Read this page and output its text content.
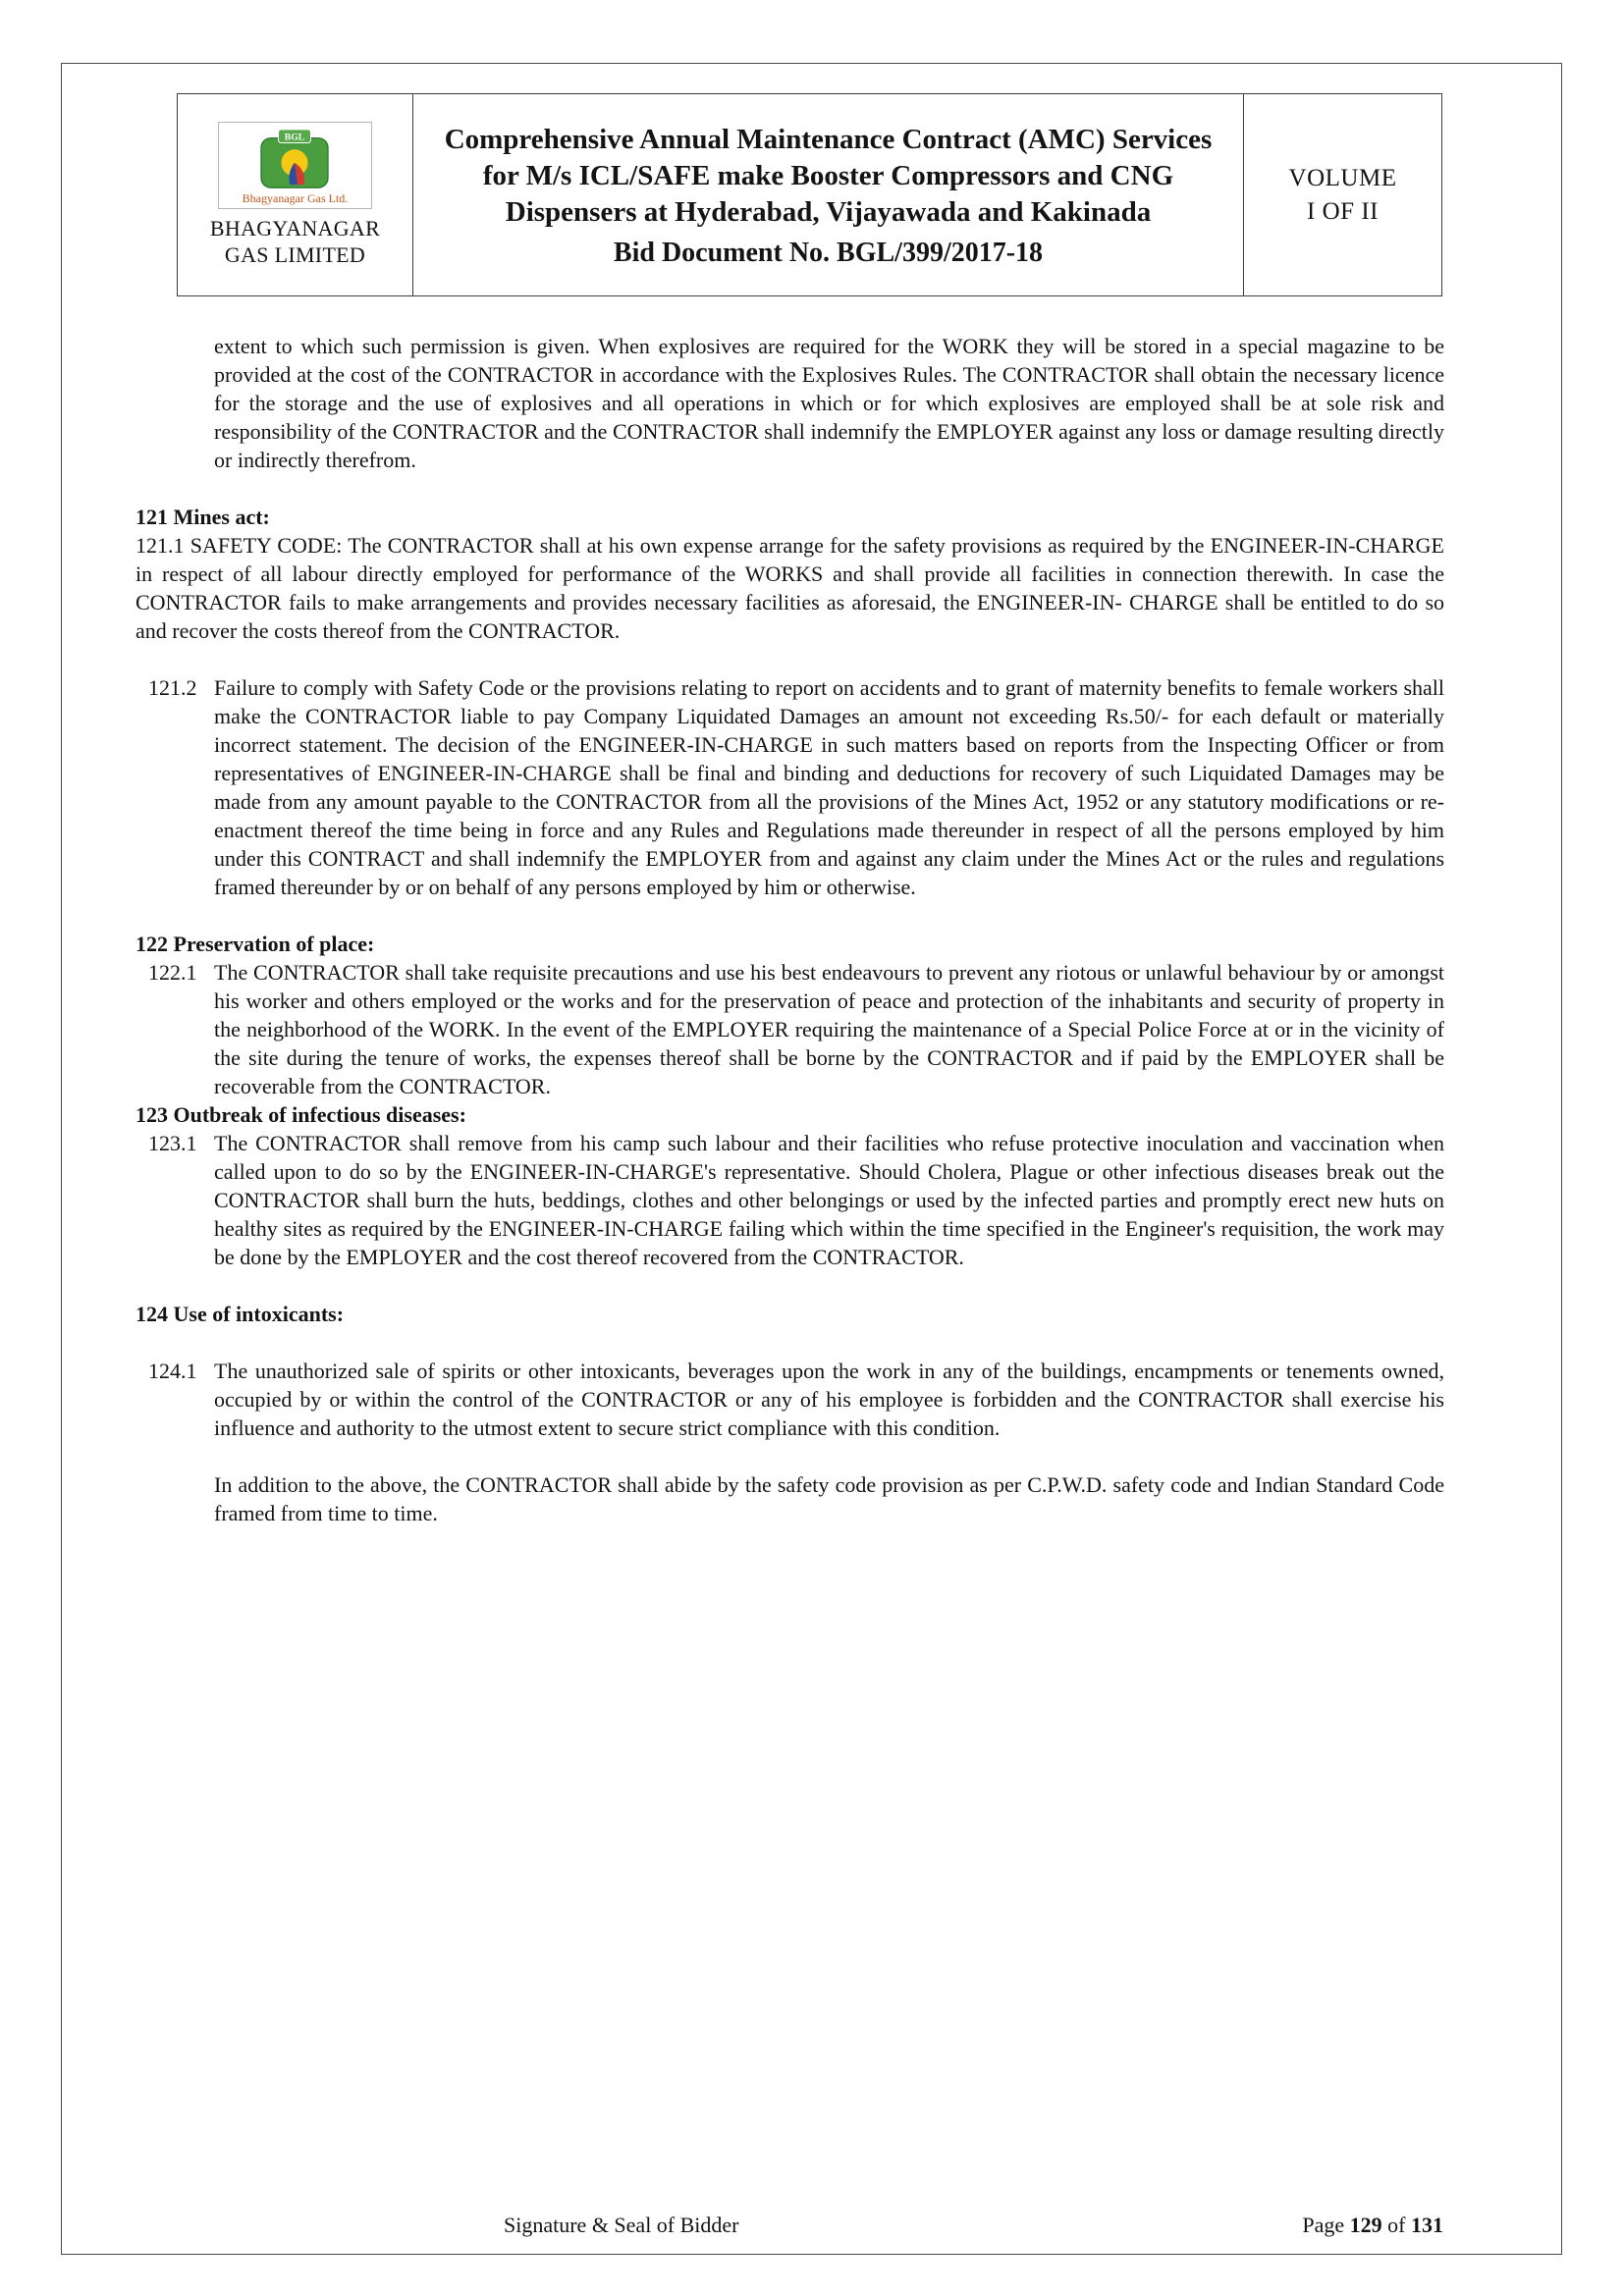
BGL
Bhagyanagar Gas Ltd.
BHAGYANAGAR
GAS LIMITED

Comprehensive Annual Maintenance Contract (AMC) Services for M/s ICL/SAFE make Booster Compressors and CNG Dispensers at Hyderabad, Vijayawada and Kakinada
Bid Document No. BGL/399/2017-18

VOLUME
I OF II

extent to which such permission is given. When explosives are required for the WORK they will be stored in a special magazine to be provided at the cost of the CONTRACTOR in accordance with the Explosives Rules. The CONTRACTOR shall obtain the necessary licence for the storage and the use of explosives and all operations in which or for which explosives are employed shall be at sole risk and responsibility of the CONTRACTOR and the CONTRACTOR shall indemnify the EMPLOYER against any loss or damage resulting directly or indirectly therefrom.

121 Mines act:

121.1 SAFETY CODE: The CONTRACTOR shall at his own expense arrange for the safety provisions as required by the ENGINEER-IN-CHARGE in respect of all labour directly employed for performance of the WORKS and shall provide all facilities in connection therewith. In case the CONTRACTOR fails to make arrangements and provides necessary facilities as aforesaid, the ENGINEER-IN- CHARGE shall be entitled to do so and recover the costs thereof from the CONTRACTOR.

121.2 Failure to comply with Safety Code or the provisions relating to report on accidents and to grant of maternity benefits to female workers shall make the CONTRACTOR liable to pay Company Liquidated Damages an amount not exceeding Rs.50/- for each default or materially incorrect statement. The decision of the ENGINEER-IN-CHARGE in such matters based on reports from the Inspecting Officer or from representatives of ENGINEER-IN-CHARGE shall be final and binding and deductions for recovery of such Liquidated Damages may be made from any amount payable to the CONTRACTOR from all the provisions of the Mines Act, 1952 or any statutory modifications or re-enactment thereof the time being in force and any Rules and Regulations made thereunder in respect of all the persons employed by him under this CONTRACT and shall indemnify the EMPLOYER from and against any claim under the Mines Act or the rules and regulations framed thereunder by or on behalf of any persons employed by him or otherwise.
122 Preservation of place:
122.1 The CONTRACTOR shall take requisite precautions and use his best endeavours to prevent any riotous or unlawful behaviour by or amongst his worker and others employed or the works and for the preservation of peace and protection of the inhabitants and security of property in the neighborhood of the WORK. In the event of the EMPLOYER requiring the maintenance of a Special Police Force at or in the vicinity of the site during the tenure of works, the expenses thereof shall be borne by the CONTRACTOR and if paid by the EMPLOYER shall be recoverable from the CONTRACTOR.
123 Outbreak of infectious diseases:
123.1 The CONTRACTOR shall remove from his camp such labour and their facilities who refuse protective inoculation and vaccination when called upon to do so by the ENGINEER-IN-CHARGE's representative. Should Cholera, Plague or other infectious diseases break out the CONTRACTOR shall burn the huts, beddings, clothes and other belongings or used by the infected parties and promptly erect new huts on healthy sites as required by the ENGINEER-IN-CHARGE failing which within the time specified in the Engineer's requisition, the work may be done by the EMPLOYER and the cost thereof recovered from the CONTRACTOR.
124 Use of intoxicants:
124.1 The unauthorized sale of spirits or other intoxicants, beverages upon the work in any of the buildings, encampments or tenements owned, occupied by or within the control of the CONTRACTOR or any of his employee is forbidden and the CONTRACTOR shall exercise his influence and authority to the utmost extent to secure strict compliance with this condition.

In addition to the above, the CONTRACTOR shall abide by the safety code provision as per C.P.W.D. safety code and Indian Standard Code framed from time to time.

Signature & Seal of Bidder	Page 129 of 131
